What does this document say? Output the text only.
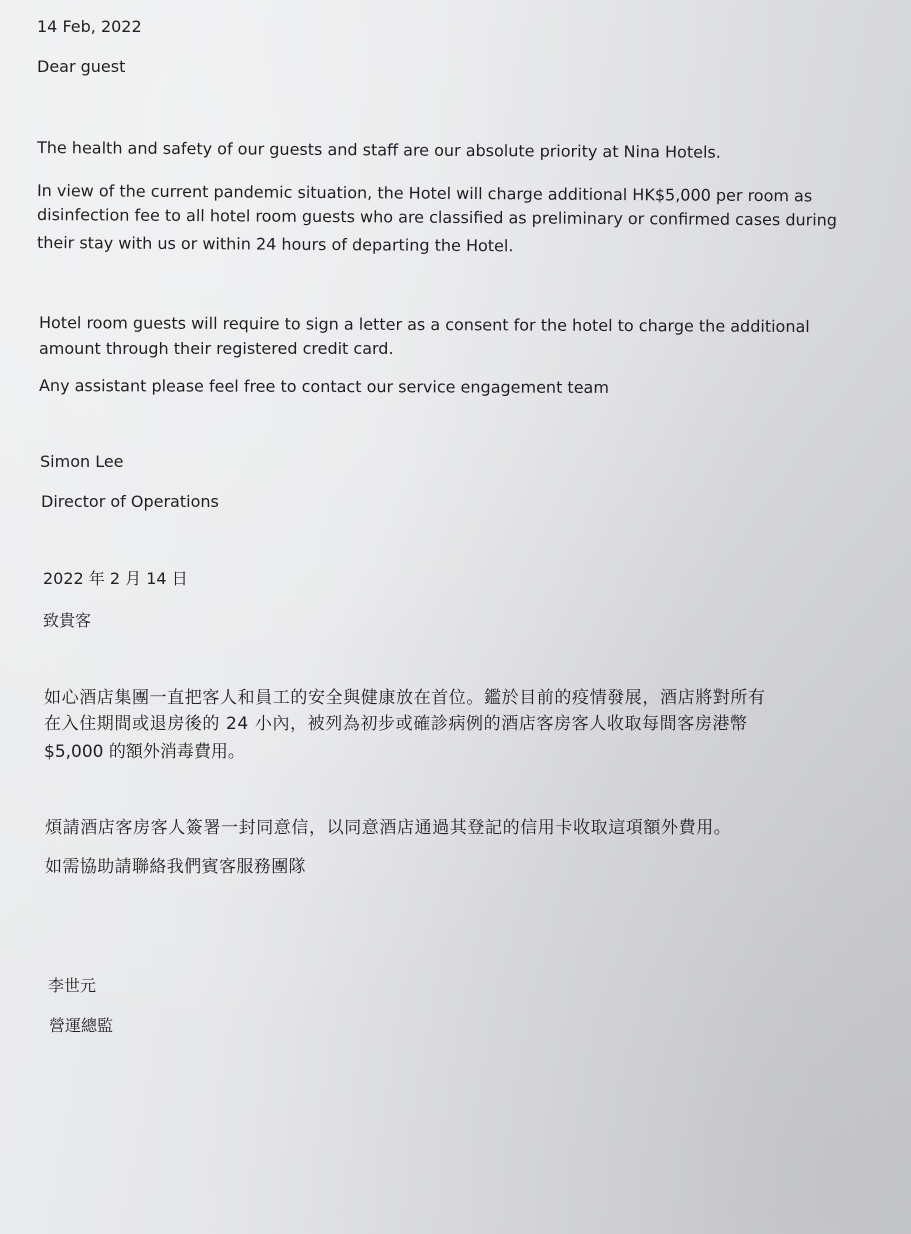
14 Feb, 2022
Dear guest
The health and safety of our guests and staff are our absolute priority at Nina Hotels.
In view of the current pandemic situation, the Hotel will charge additional HK$5,000 per room as
disinfection fee to all hotel room guests who are classified as preliminary or confirmed cases during
their stay with us or within 24 hours of departing the Hotel.
Hotel room guests will require to sign a letter as a consent for the hotel to charge the additional
amount through their registered credit card.
Any assistant please feel free to contact our service engagement team
Simon Lee
Director of Operations
2022 年 2 月 14 日
致貴客
如心酒店集團一直把客人和員工的安全與健康放在首位。鑑於目前的疫情發展，酒店將對所有
在入住期間或退房後的 24 小內，被列為初步或確診病例的酒店客房客人收取每間客房港幣
$5,000 的額外消毒費用。
煩請酒店客房客人簽署一封同意信，以同意酒店通過其登記的信用卡收取這項額外費用。
如需協助請聯絡我們賓客服務團隊
李世元
營運總監
